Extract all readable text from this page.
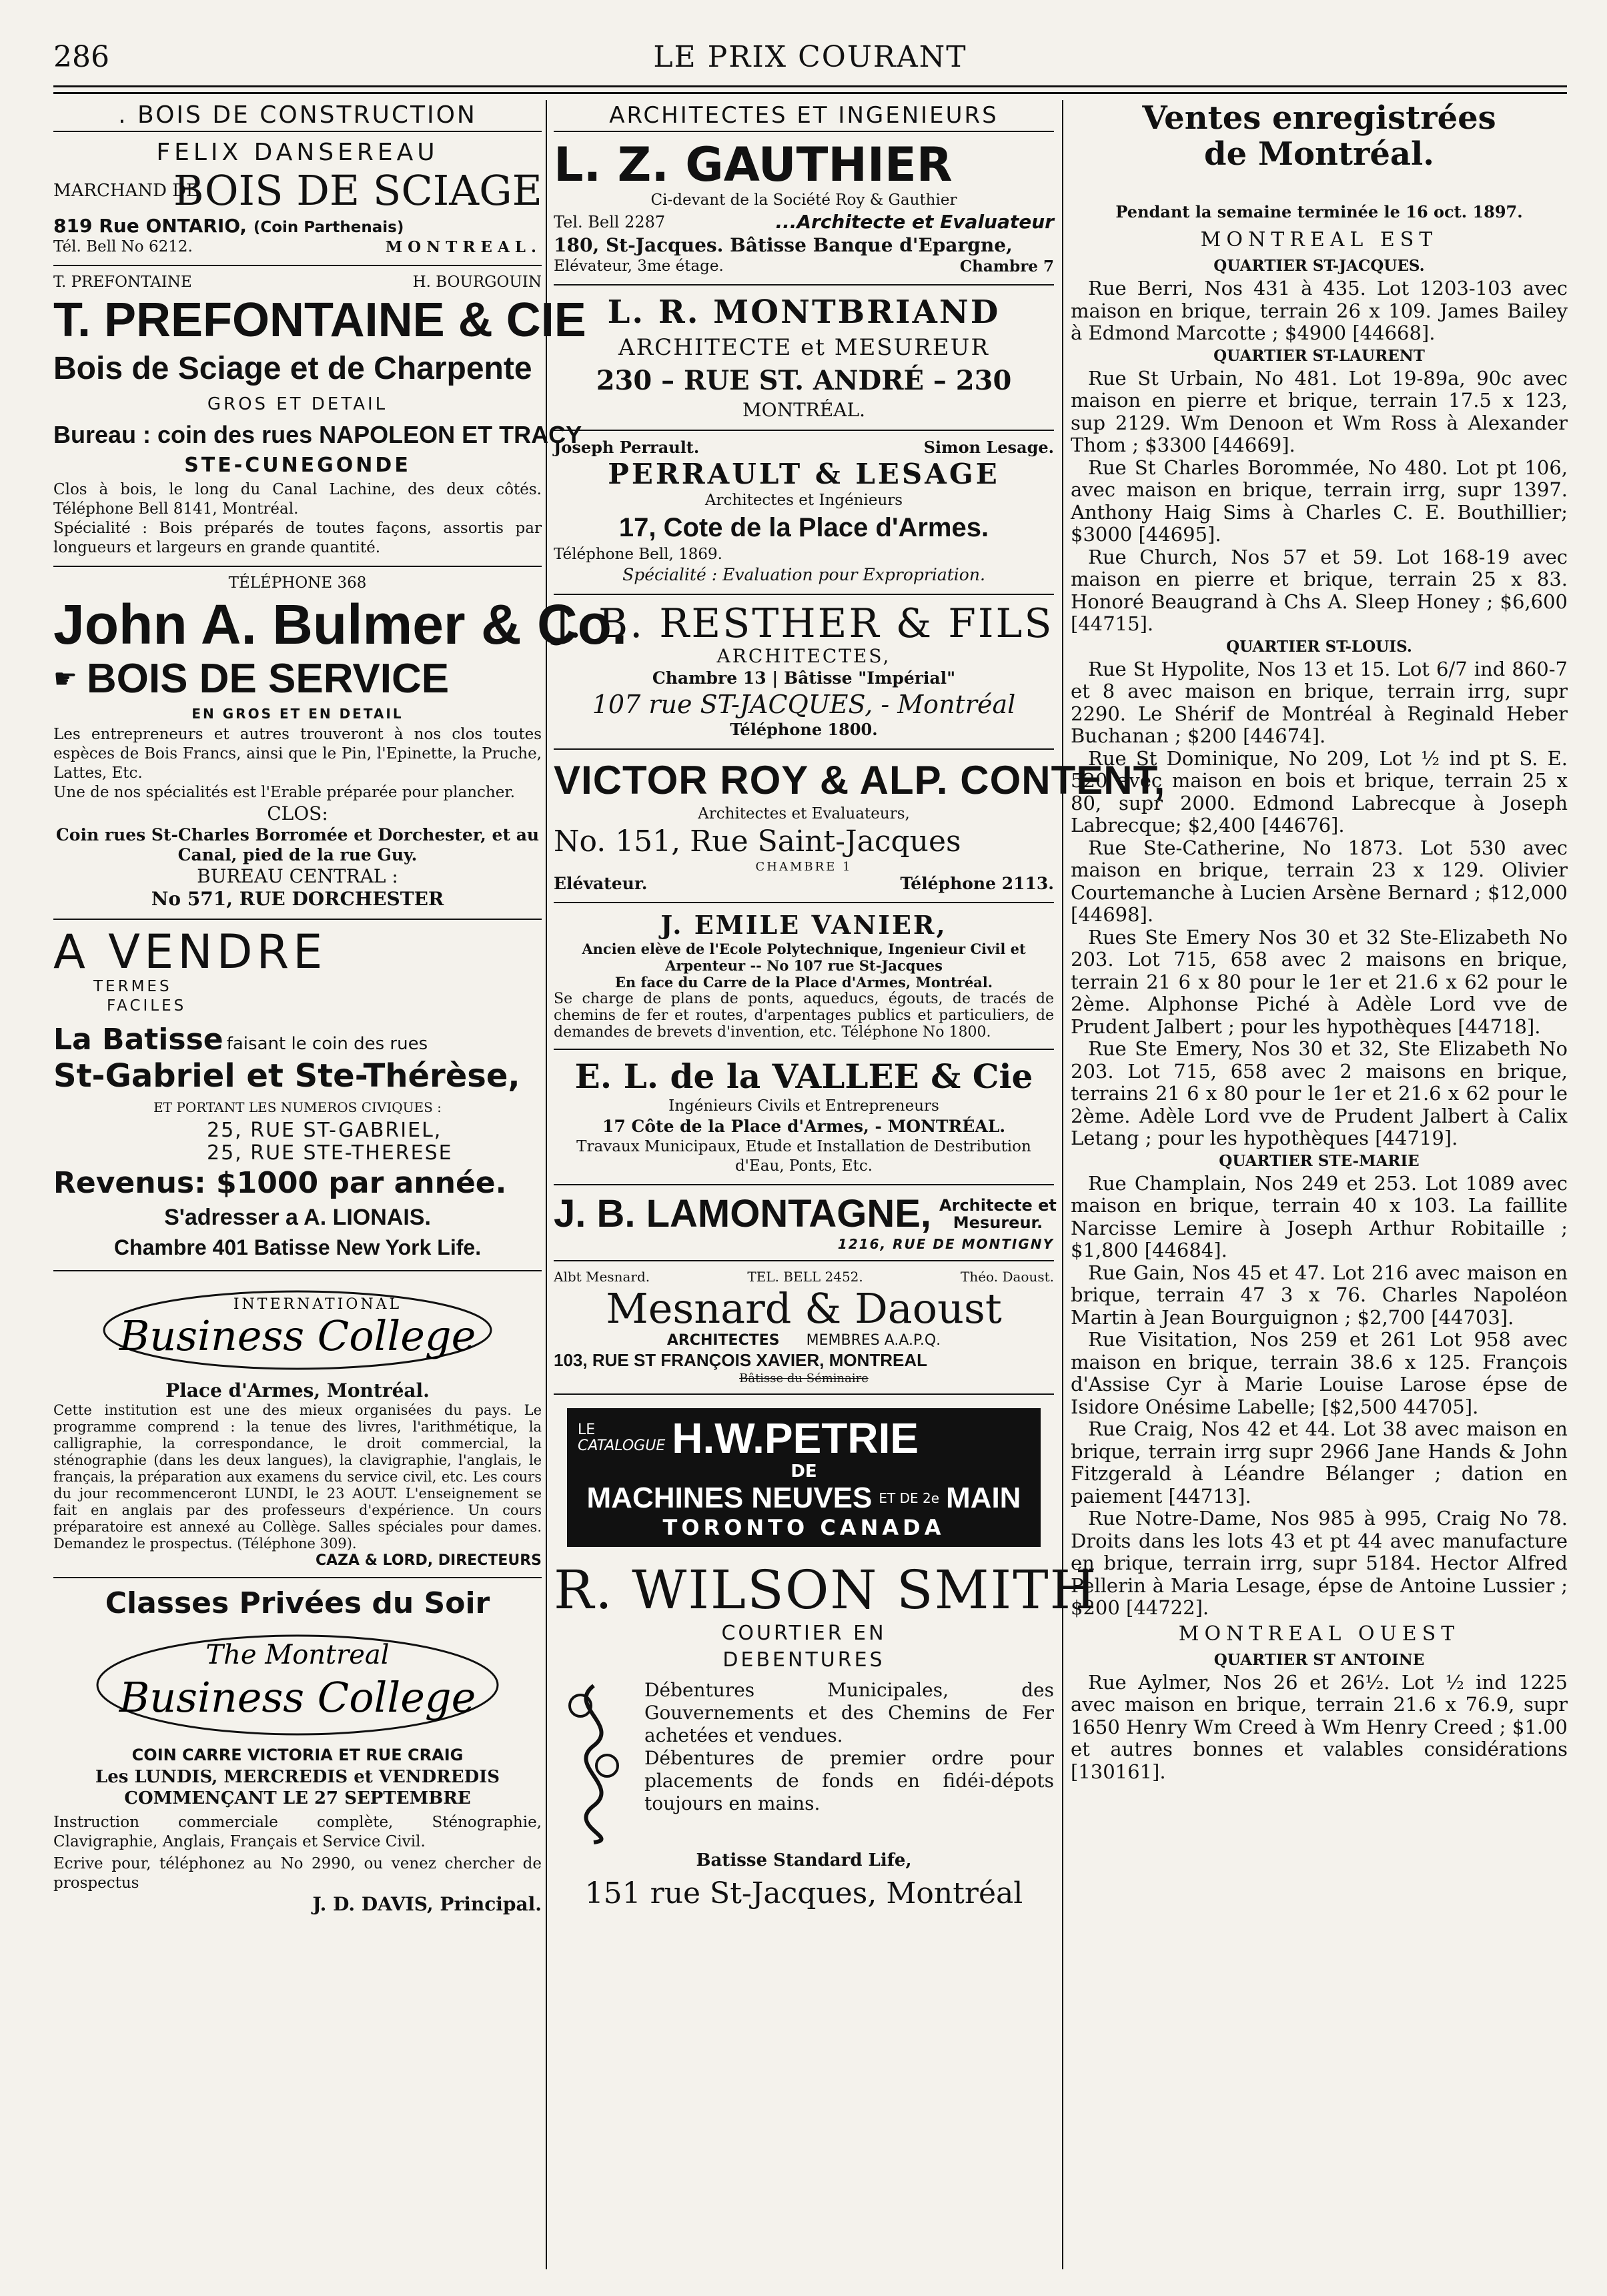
286	LE PRIX COURANT
. BOIS DE CONSTRUCTION
FELIX DANSEREAU
MARCHAND DE
BOIS DE SCIAGE
819 Rue ONTARIO, (Coin Parthenais)
Tél. Bell No 6212.	MONTREAL.
T. PREFONTAINE	H. BOURGOUIN
T. PREFONTAINE & CIE
Bois de Sciage et de Charpente
GROS ET DETAIL
Bureau : coin des rues NAPOLEON ET TRACY
STE-CUNEGONDE
Clos à bois, le long du Canal Lachine, des deux côtés. Téléphone Bell 8141, Montréal.
Spécialité : Bois préparés de toutes façons, assortis par longueurs et largeurs en grande quantité.
TÉLÉPHONE 368
John A. Bulmer & Co.
☛ BOIS DE SERVICE
EN GROS ET EN DETAIL
Les entrepreneurs et autres trouveront à nos clos toutes espèces de Bois Francs, ainsi que le Pin, l'Epinette, la Pruche, Lattes, Etc.
Une de nos spécialités est l'Erable préparée pour plancher.
CLOS:
Coin rues St-Charles Borromée et Dorchester, et au Canal, pied de la rue Guy.
BUREAU CENTRAL :
No 571, RUE DORCHESTER
A VENDRE
TERMES
FACILES
La Batisse faisant le coin des rues
St-Gabriel et Ste-Thérèse,
ET PORTANT LES NUMEROS CIVIQUES :
25, RUE ST-GABRIEL,
25, RUE STE-THERESE
Revenus: $1000 par année.
S'adresser a A. LIONAIS.
Chambre 401 Batisse New York Life.
INTERNATIONAL
Business College
Place d'Armes, Montréal.
Cette institution est une des mieux organisées du pays. Le programme comprend : la tenue des livres, l'arithmétique, la calligraphie, la correspondance, le droit commercial, la sténographie (dans les deux langues), la clavigraphie, l'anglais, le français, la préparation aux examens du service civil, etc. Les cours du jour recommenceront LUNDI, le 23 AOUT. L'enseignement se fait en anglais par des professeurs d'expérience. Un cours préparatoire est annexé au Collège. Salles spéciales pour dames. Demandez le prospectus. (Téléphone 309).
CAZA & LORD, DIRECTEURS
Classes Privées du Soir
The Montreal
Business College
COIN CARRE VICTORIA ET RUE CRAIG
Les LUNDIS, MERCREDIS et VENDREDIS
COMMENÇANT LE 27 SEPTEMBRE
Instruction commerciale complète, Sténographie, Clavigraphie, Anglais, Français et Service Civil.
Ecrive pour, téléphonez au No 2990, ou venez chercher de prospectus
J. D. DAVIS, Principal.
ARCHITECTES ET INGENIEURS
L. Z. GAUTHIER
Ci-devant de la Société Roy & Gauthier
Tel. Bell 2287	...Architecte et Evaluateur
180, St-Jacques. Bâtisse Banque d'Epargne,
Elévateur, 3me étage.	Chambre 7
L. R. MONTBRIAND
ARCHITECTE et MESUREUR
230 – RUE ST. ANDRÉ – 230
MONTRÉAL.
Joseph Perrault.	Simon Lesage.
PERRAULT & LESAGE
Architectes et Ingénieurs
17, Cote de la Place d'Armes.
Téléphone Bell, 1869.
Spécialité : Evaluation pour Expropriation.
J. B. RESTHER & FILS
ARCHITECTES,
Chambre 13 | Bâtisse "Impérial"
107 rue ST-JACQUES, - Montréal
Téléphone 1800.
VICTOR ROY & ALP. CONTENT,
Architectes et Evaluateurs,
No. 151, Rue Saint-Jacques
CHAMBRE 1
Elévateur.	Téléphone 2113.
J. EMILE VANIER,
Ancien elève de l'Ecole Polytechnique, Ingenieur Civil et Arpenteur -- No 107 rue St-Jacques
En face du Carre de la Place d'Armes, Montréal.
Se charge de plans de ponts, aqueducs, égouts, de tracés de chemins de fer et routes, d'arpentages publics et particuliers, de demandes de brevets d'invention, etc. Téléphone No 1800.
E. L. de la VALLEE & Cie
Ingénieurs Civils et Entrepreneurs
17 Côte de la Place d'Armes, - MONTRÉAL.
Travaux Municipaux, Etude et Installation de Destribution d'Eau, Ponts, Etc.
J. B. LAMONTAGNE, Architecte et
Mesureur.
1216, RUE DE MONTIGNY
Albt Mesnard.	TEL. BELL 2452.	Théo. Daoust.
Mesnard & Daoust
ARCHITECTES MEMBRES A.A.P.Q.
103, RUE ST FRANÇOIS XAVIER, MONTREAL
Bâtisse du Séminaire
LE
CATALOGUE H.W.PETRIE
DE
MACHINES NEUVES ET DE 2e MAIN
TORONTO CANADA
R. WILSON SMITH
COURTIER EN
DEBENTURES
Débentures Municipales, des Gouvernements et des Chemins de Fer achetées et vendues.
Débentures de premier ordre pour placements de fonds en fidéi-dépots toujours en mains.
Batisse Standard Life,
151 rue St-Jacques, Montréal
Ventes enregistrées
de Montréal.
Pendant la semaine terminée le 16 oct. 1897.
MONTREAL EST
QUARTIER ST-JACQUES.
Rue Berri, Nos 431 à 435. Lot 1203-103 avec maison en brique, terrain 26 x 109. James Bailey à Edmond Marcotte ; $4900 [44668].
QUARTIER ST-LAURENT
Rue St Urbain, No 481. Lot 19-89a, 90c avec maison en pierre et brique, terrain 17.5 x 123, sup 2129. Wm Denoon et Wm Ross à Alexander Thom ; $3300 [44669].
Rue St Charles Borommée, No 480. Lot pt 106, avec maison en brique, terrain irrg, supr 1397. Anthony Haig Sims à Charles C. E. Bouthillier; $3000 [44695].
Rue Church, Nos 57 et 59. Lot 168-19 avec maison en pierre et brique, terrain 25 x 83. Honoré Beaugrand à Chs A. Sleep Honey ; $6,600 [44715].
QUARTIER ST-LOUIS.
Rue St Hypolite, Nos 13 et 15. Lot 6/7 ind 860-7 et 8 avec maison en brique, terrain irrg, supr 2290. Le Shérif de Montréal à Reginald Heber Buchanan ; $200 [44674].
Rue St Dominique, No 209, Lot ½ ind pt S. E. 520 avec maison en bois et brique, terrain 25 x 80, supr 2000. Edmond Labrecque à Joseph Labrecque; $2,400 [44676].
Rue Ste-Catherine, No 1873. Lot 530 avec maison en brique, terrain 23 x 129. Olivier Courtemanche à Lucien Arsène Bernard ; $12,000 [44698].
Rues Ste Emery Nos 30 et 32 Ste-Elizabeth No 203. Lot 715, 658 avec 2 maisons en brique, terrain 21 6 x 80 pour le 1er et 21.6 x 62 pour le 2ème. Alphonse Piché à Adèle Lord vve de Prudent Jalbert ; pour les hypothèques [44718].
Rue Ste Emery, Nos 30 et 32, Ste Elizabeth No 203. Lot 715, 658 avec 2 maisons en brique, terrains 21 6 x 80 pour le 1er et 21.6 x 62 pour le 2ème. Adèle Lord vve de Prudent Jalbert à Calix Letang ; pour les hypothèques [44719].
QUARTIER STE-MARIE
Rue Champlain, Nos 249 et 253. Lot 1089 avec maison en brique, terrain 40 x 103. La faillite Narcisse Lemire à Joseph Arthur Robitaille ; $1,800 [44684].
Rue Gain, Nos 45 et 47. Lot 216 avec maison en brique, terrain 47 3 x 76. Charles Napoléon Martin à Jean Bourguignon ; $2,700 [44703].
Rue Visitation, Nos 259 et 261 Lot 958 avec maison en brique, terrain 38.6 x 125. François d'Assise Cyr à Marie Louise Larose épse de Isidore Onésime Labelle; [$2,500 44705].
Rue Craig, Nos 42 et 44. Lot 38 avec maison en brique, terrain irrg supr 2966 Jane Hands & John Fitzgerald à Léandre Bélanger ; dation en paiement [44713].
Rue Notre-Dame, Nos 985 à 995, Craig No 78. Droits dans les lots 43 et pt 44 avec manufacture en brique, terrain irrg, supr 5184. Hector Alfred Pellerin à Maria Lesage, épse de Antoine Lussier ; $200 [44722].
MONTREAL OUEST
QUARTIER ST ANTOINE
Rue Aylmer, Nos 26 et 26½. Lot ½ ind 1225 avec maison en brique, terrain 21.6 x 76.9, supr 1650 Henry Wm Creed à Wm Henry Creed ; $1.00 et autres bonnes et valables considérations [130161].
